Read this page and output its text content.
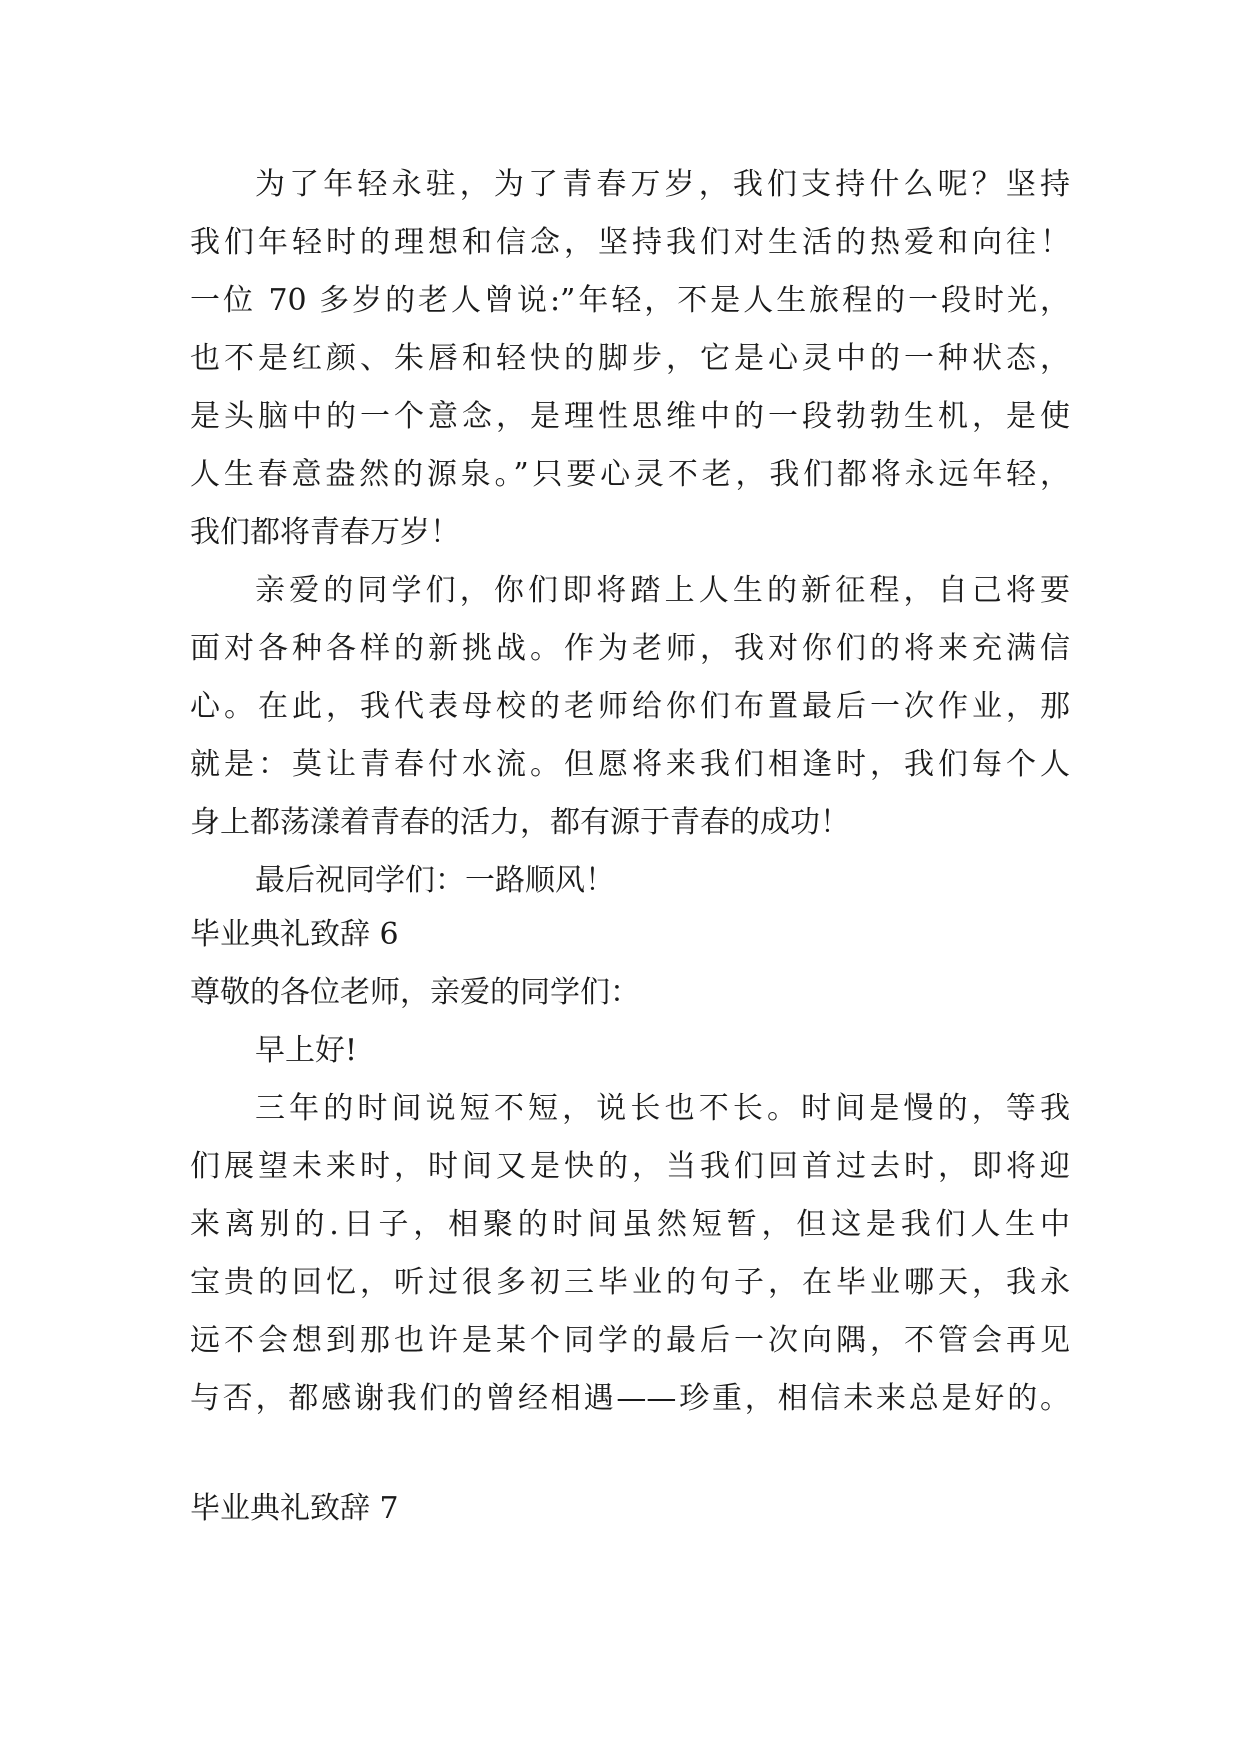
为了年轻永驻，为了青春万岁，我们支持什么呢？坚持
我们年轻时的理想和信念，坚持我们对生活的热爱和向往！
一位 70 多岁的老人曾说:”年轻，不是人生旅程的一段时光，
也不是红颜、朱唇和轻快的脚步，它是心灵中的一种状态，
是头脑中的一个意念，是理性思维中的一段勃勃生机，是使
人生春意盎然的源泉。”只要心灵不老，我们都将永远年轻，
我们都将青春万岁！
亲爱的同学们，你们即将踏上人生的新征程，自己将要
面对各种各样的新挑战。作为老师，我对你们的将来充满信
心。在此，我代表母校的老师给你们布置最后一次作业，那
就是：莫让青春付水流。但愿将来我们相逢时，我们每个人
身上都荡漾着青春的活力，都有源于青春的成功！
最后祝同学们：一路顺风！
毕业典礼致辞 6
尊敬的各位老师，亲爱的同学们：
早上好!
三年的时间说短不短，说长也不长。时间是慢的，等我
们展望未来时，时间又是快的，当我们回首过去时，即将迎
来离别的.日子，相聚的时间虽然短暂，但这是我们人生中
宝贵的回忆，听过很多初三毕业的句子，在毕业哪天，我永
远不会想到那也许是某个同学的最后一次向隅，不管会再见
与否，都感谢我们的曾经相遇——珍重，相信未来总是好的。
毕业典礼致辞 7
